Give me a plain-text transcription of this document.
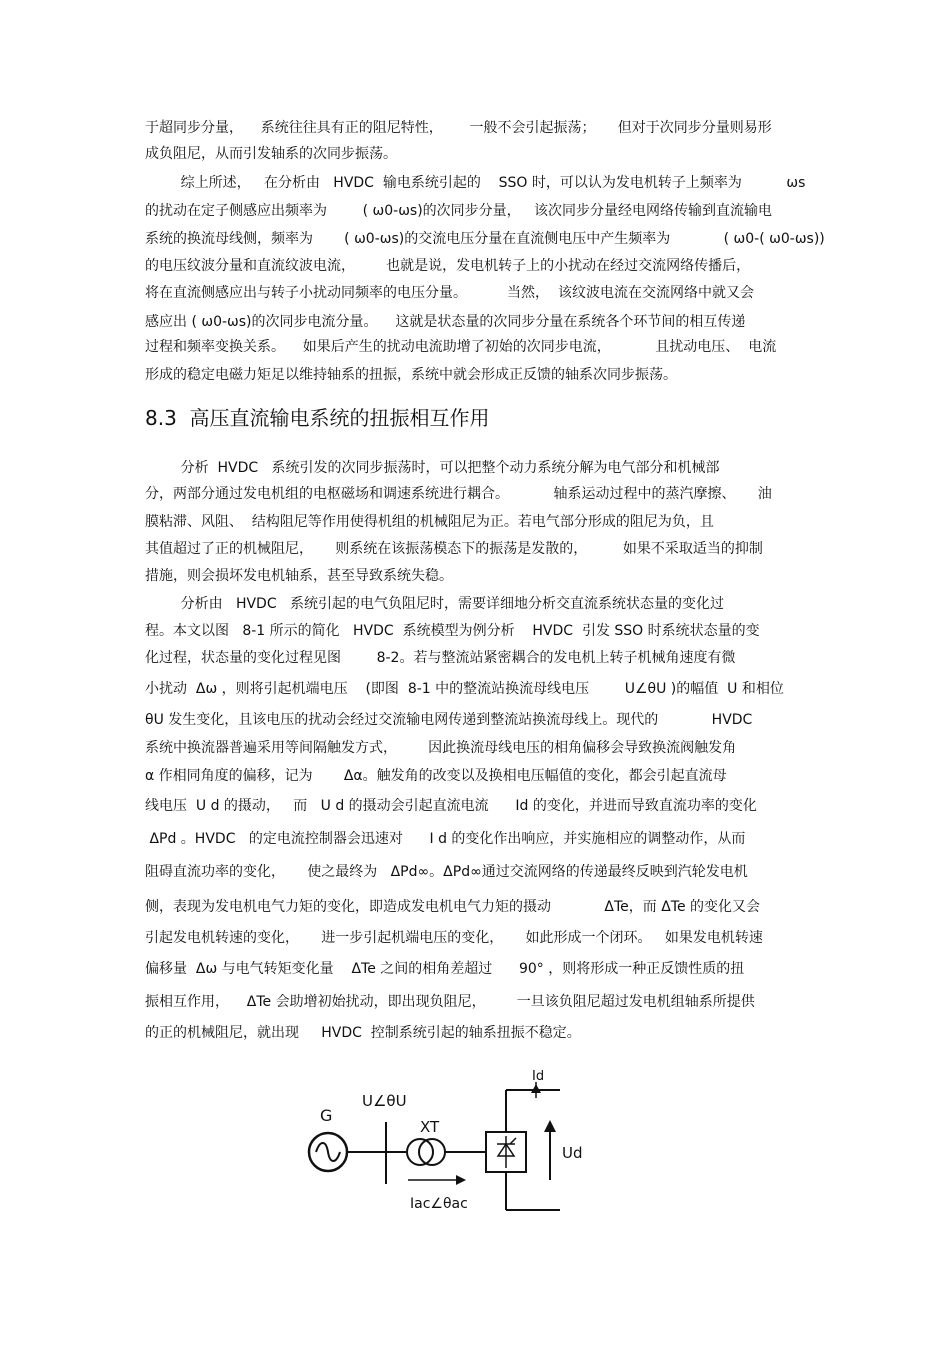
于超同步分量，    系统往往具有正的阻尼特性，      一般不会引起振荡；     但对于次同步分量则易形
成负阻尼，从而引发轴系的次同步振荡。
综上所述，   在分析由   HVDC  输电系统引起的    SSO 时，可以认为发电机转子上频率为          ωs
的扰动在定子侧感应出频率为        ( ω0-ωs)的次同步分量，   该次同步分量经电网络传输到直流输电
系统的换流母线侧，频率为       ( ω0-ωs)的交流电压分量在直流侧电压中产生频率为            ( ω0-( ω0-ωs))
的电压纹波分量和直流纹波电流，       也就是说，发电机转子上的小扰动在经过交流网络传播后，
将在直流侧感应出与转子小扰动同频率的电压分量。         当然，  该纹波电流在交流网络中就又会
感应出 ( ω0-ωs)的次同步电流分量。    这就是状态量的次同步分量在系统各个环节间的相互传递
过程和频率变换关系。    如果后产生的扰动电流助增了初始的次同步电流，          且扰动电压、  电流
形成的稳定电磁力矩足以维持轴系的扭振，系统中就会形成正反馈的轴系次同步振荡。
8.3 高压直流输电系统的扭振相互作用
分析  HVDC   系统引发的次同步振荡时，可以把整个动力系统分解为电气部分和机械部
分，两部分通过发电机组的电枢磁场和调速系统进行耦合。          轴系运动过程中的蒸汽摩擦、     油
膜粘滞、风阻、  结构阻尼等作用使得机组的机械阻尼为正。若电气部分形成的阻尼为负，且
其值超过了正的机械阻尼，     则系统在该振荡模态下的振荡是发散的，        如果不采取适当的抑制
措施，则会损坏发电机轴系，甚至导致系统失稳。
分析由   HVDC   系统引起的电气负阻尼时，需要详细地分析交直流系统状态量的变化过
程。本文以图   8-1 所示的简化   HVDC  系统模型为例分析    HVDC  引发 SSO 时系统状态量的变
化过程，状态量的变化过程见图        8-2。若与整流站紧密耦合的发电机上转子机械角速度有微
小扰动  Δω ，则将引起机端电压    (即图  8-1 中的整流站换流母线电压        U∠θU )的幅值  U 和相位
θU 发生变化，且该电压的扰动会经过交流输电网传递到整流站换流母线上。现代的            HVDC
系统中换流器普遍采用等间隔触发方式，       因此换流母线电压的相角偏移会导致换流阀触发角
α 作相同角度的偏移，记为       Δα。触发角的改变以及换相电压幅值的变化，都会引起直流母
线电压  U d 的摄动，   而   U d 的摄动会引起直流电流      Id 的变化，并进而导致直流功率的变化
ΔPd 。HVDC   的定电流控制器会迅速对      I d 的变化作出响应，并实施相应的调整动作，从而
阻碍直流功率的变化，     使之最终为   ΔPd∞。ΔPd∞通过交流网络的传递最终反映到汽轮发电机
侧，表现为发电机电气力矩的变化，即造成发电机电气力矩的摄动            ΔTe，而 ΔTe 的变化又会
引起发电机转速的变化，     进一步引起机端电压的变化，     如此形成一个闭环。   如果发电机转速
偏移量  Δω 与电气转矩变化量    ΔTe 之间的相角差超过      90° ，则将形成一种正反馈性质的扭
振相互作用，    ΔTe 会助增初始扰动，即出现负阻尼，       一旦该负阻尼超过发电机组轴系所提供
的正的机械阻尼，就出现     HVDC  控制系统引起的轴系扭振不稳定。
G
U∠θU
XT
Id
Ud
Iac∠θac
